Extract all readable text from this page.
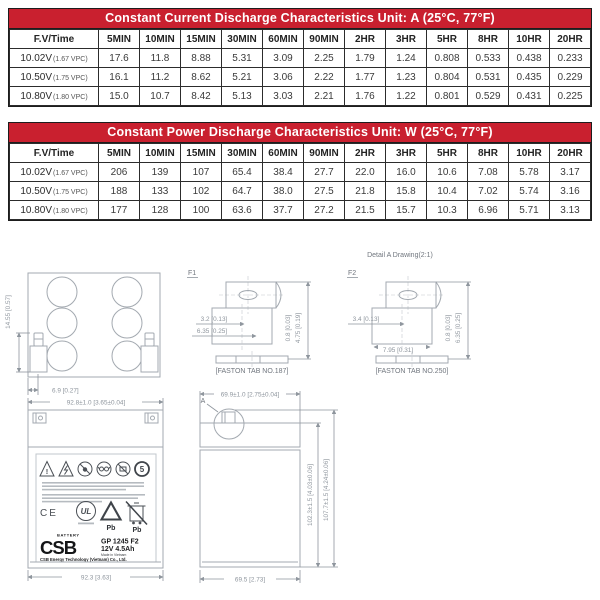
Constant Current Discharge Characteristics Unit: A (25°C, 77°F)
F.V/Time	5MIN	10MIN	15MIN	30MIN	60MIN	90MIN	2HR	3HR	5HR	8HR	10HR	20HR
10.02V(1.67 VPC)	17.6	11.8	8.88	5.31	3.09	2.25	1.79	1.24	0.808	0.533	0.438	0.233
10.50V(1.75 VPC)	16.1	11.2	8.62	5.21	3.06	2.22	1.77	1.23	0.804	0.531	0.435	0.229
10.80V(1.80 VPC)	15.0	10.7	8.42	5.13	3.03	2.21	1.76	1.22	0.801	0.529	0.431	0.225
Constant Power Discharge Characteristics Unit: W (25°C, 77°F)
F.V/Time	5MIN	10MIN	15MIN	30MIN	60MIN	90MIN	2HR	3HR	5HR	8HR	10HR	20HR
10.02V(1.67 VPC)	206	139	107	65.4	38.4	27.7	22.0	16.0	10.6	7.08	5.78	3.17
10.50V(1.75 VPC)	188	133	102	64.7	38.0	27.5	21.8	15.8	10.4	7.02	5.74	3.16
10.80V(1.80 VPC)	177	128	100	63.6	37.7	27.2	21.5	15.7	10.3	6.96	5.71	3.13
14.55 [0.57]
6.9 [0.27]
Detail A Drawing(2:1)
F1
3.2 [0.13]
6.35 [0.25]	0.8 [0.03] 4.75 [0.19]
[FASTON TAB NO.187]
F2
3.4 [0.13]
7.95 [0.31]
0.8 [0.03] 6.35 [0.25]
[FASTON TAB NO.250]
92.8±1.0 [3.65±0.04]
!	5
CE	UL
Pb Pb
BATTERY
CSB	GP 1245 F2
12V 4.5Ah
Made in Vietnam
CSB Energy Technology (Vietnam) Co., Ltd.
92.3 [3.63]
69.9±1.0 [2.75±0.04]
A
69.5 [2.73]
102.3±1.5 [4.03±0.06] 107.7±1.5 [4.24±0.06]
